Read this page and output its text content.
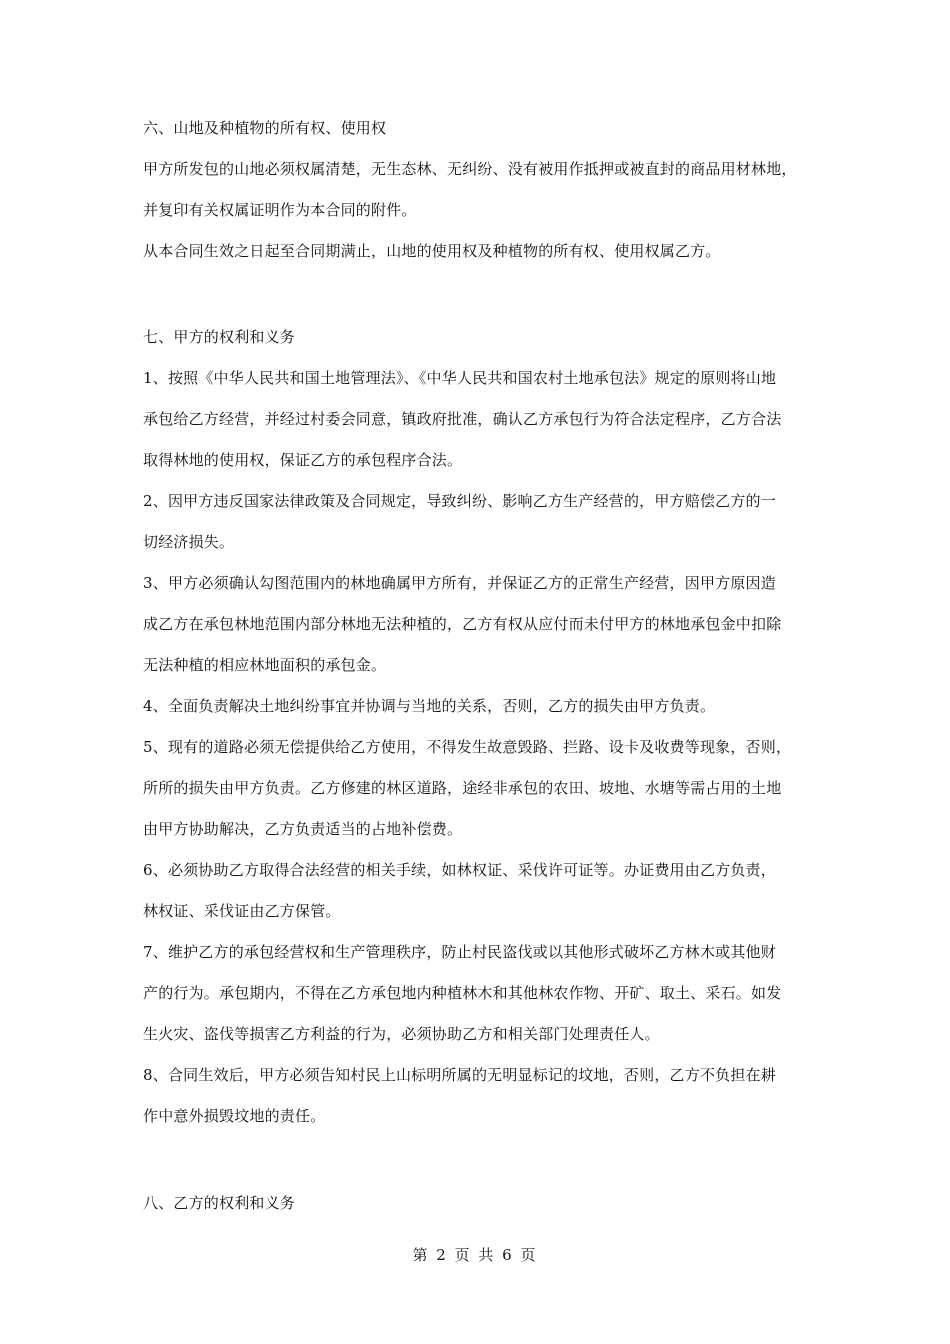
六、山地及种植物的所有权、使用权
甲方所发包的山地必须权属清楚，无生态林、无纠纷、没有被用作抵押或被直封的商品用材林地，
并复印有关权属证明作为本合同的附件。
从本合同生效之日起至合同期满止，山地的使用权及种植物的所有权、使用权属乙方。
七、甲方的权利和义务
1、按照《中华人民共和国土地管理法》、《中华人民共和国农村土地承包法》规定的原则将山地
承包给乙方经营，并经过村委会同意，镇政府批准，确认乙方承包行为符合法定程序，乙方合法
取得林地的使用权，保证乙方的承包程序合法。
2、因甲方违反国家法律政策及合同规定，导致纠纷、影响乙方生产经营的，甲方赔偿乙方的一
切经济损失。
3、甲方必须确认勾图范围内的林地确属甲方所有，并保证乙方的正常生产经营，因甲方原因造
成乙方在承包林地范围内部分林地无法种植的，乙方有权从应付而未付甲方的林地承包金中扣除
无法种植的相应林地面积的承包金。
4、全面负责解决土地纠纷事宜并协调与当地的关系，否则，乙方的损失由甲方负责。
5、现有的道路必须无偿提供给乙方使用，不得发生故意毁路、拦路、设卡及收费等现象，否则，
所所的损失由甲方负责。乙方修建的林区道路，途经非承包的农田、坡地、水塘等需占用的土地
由甲方协助解决，乙方负责适当的占地补偿费。
6、必须协助乙方取得合法经营的相关手续，如林权证、采伐许可证等。办证费用由乙方负责，
林权证、采伐证由乙方保管。
7、维护乙方的承包经营权和生产管理秩序，防止村民盗伐或以其他形式破坏乙方林木或其他财
产的行为。承包期内，不得在乙方承包地内种植林木和其他林农作物、开矿、取土、采石。如发
生火灾、盗伐等损害乙方利益的行为，必须协助乙方和相关部门处理责任人。
8、合同生效后，甲方必须告知村民上山标明所属的无明显标记的坟地，否则，乙方不负担在耕
作中意外损毁坟地的责任。
八、乙方的权利和义务
第 2 页 共 6 页
